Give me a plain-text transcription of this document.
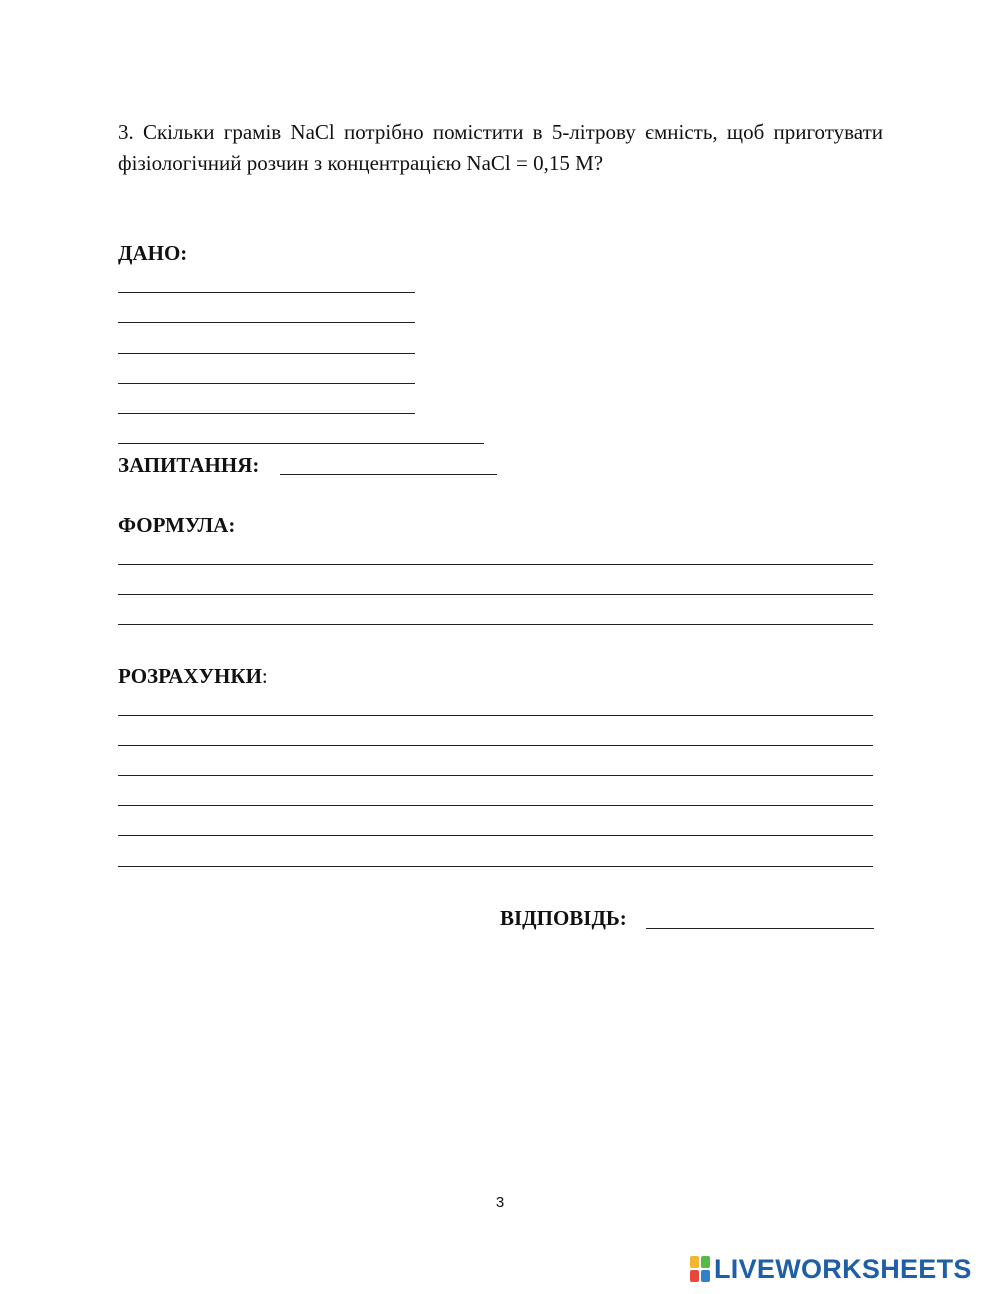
3. Скільки грамів NaCl потрібно помістити в 5-літрову ємність, щоб приготувати фізіологічний розчин з концентрацією NaCl = 0,15 М?
ДАНО:
ЗАПИТАННЯ:
ФОРМУЛА:
РОЗРАХУНКИ:
ВІДПОВІДЬ:
3
LIVEWORKSHEETS
